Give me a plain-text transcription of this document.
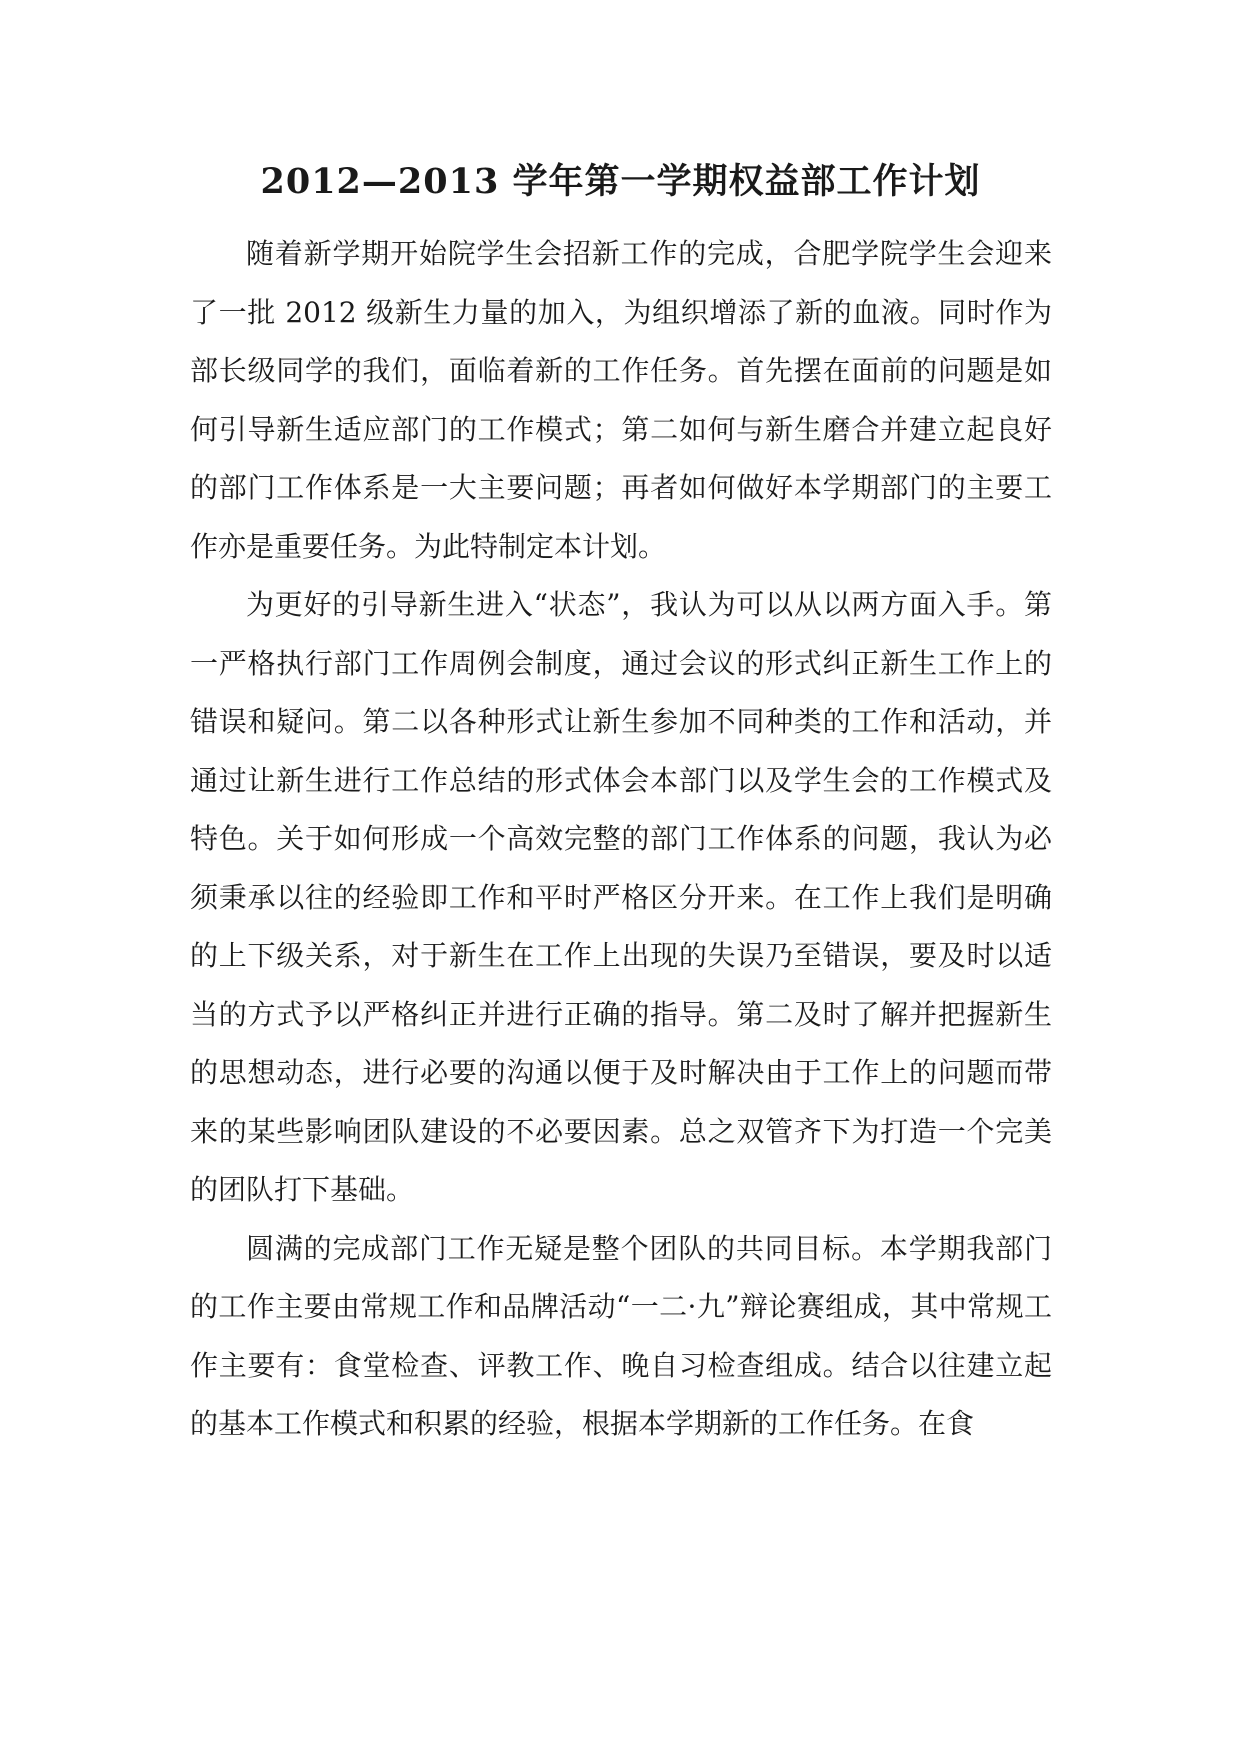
2012—2013 学年第一学期权益部工作计划

随着新学期开始院学生会招新工作的完成，合肥学院学生会迎来了一批 2012 级新生力量的加入，为组织增添了新的血液。同时作为部长级同学的我们，面临着新的工作任务。首先摆在面前的问题是如何引导新生适应部门的工作模式；第二如何与新生磨合并建立起良好的部门工作体系是一大主要问题；再者如何做好本学期部门的主要工作亦是重要任务。为此特制定本计划。

为更好的引导新生进入“状态”，我认为可以从以两方面入手。第一严格执行部门工作周例会制度，通过会议的形式纠正新生工作上的错误和疑问。第二以各种形式让新生参加不同种类的工作和活动，并通过让新生进行工作总结的形式体会本部门以及学生会的工作模式及特色。关于如何形成一个高效完整的部门工作体系的问题，我认为必须秉承以往的经验即工作和平时严格区分开来。在工作上我们是明确的上下级关系，对于新生在工作上出现的失误乃至错误，要及时以适当的方式予以严格纠正并进行正确的指导。第二及时了解并把握新生的思想动态，进行必要的沟通以便于及时解决由于工作上的问题而带来的某些影响团队建设的不必要因素。总之双管齐下为打造一个完美的团队打下基础。

圆满的完成部门工作无疑是整个团队的共同目标。本学期我部门的工作主要由常规工作和品牌活动“一二·九”辩论赛组成，其中常规工作主要有：食堂检查、评教工作、晚自习检查组成。结合以往建立起的基本工作模式和积累的经验，根据本学期新的工作任务。在食
